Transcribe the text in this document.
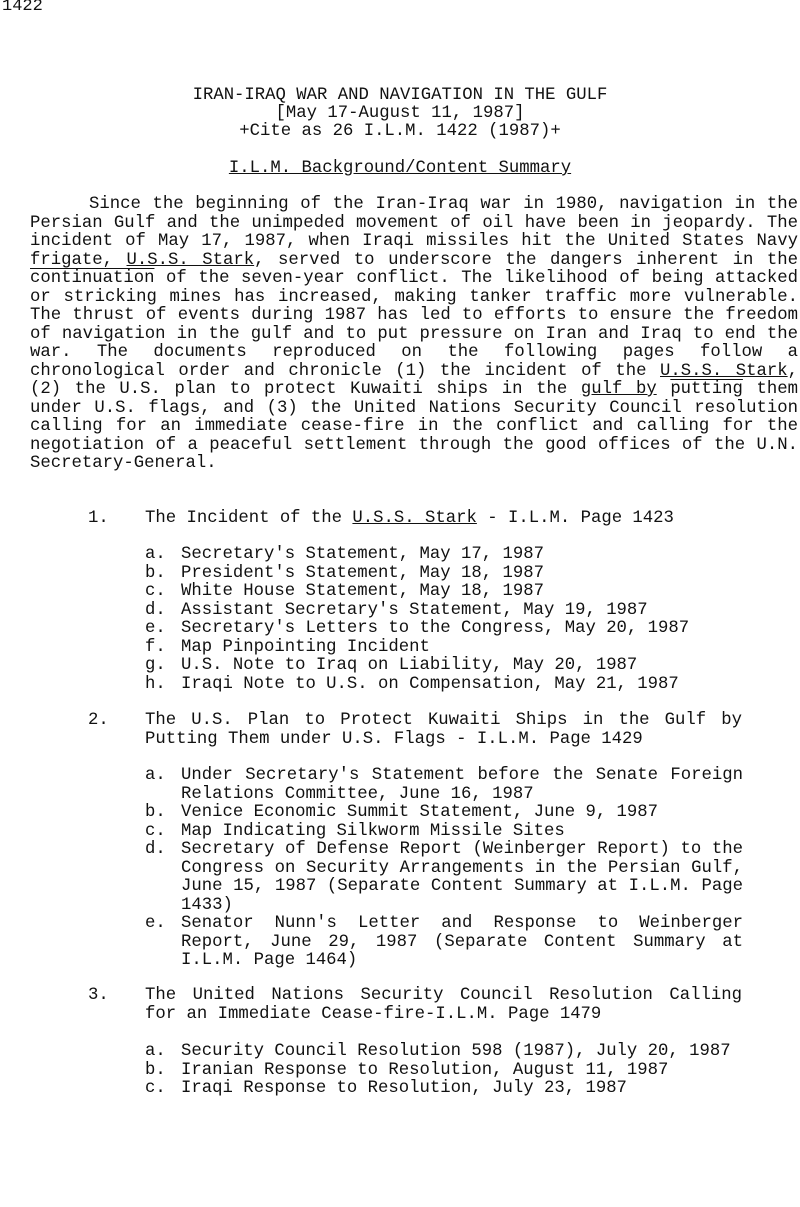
1422
IRAN-IRAQ WAR AND NAVIGATION IN THE GULF
[May 17-August 11, 1987]
+Cite as 26 I.L.M. 1422 (1987)+
I.L.M. Background/Content Summary
Since the beginning of the Iran-Iraq war in 1980, navigation in the Persian Gulf and the unimpeded movement of oil have been in jeopardy. The incident of May 17, 1987, when Iraqi missiles hit the United States Navy frigate, U.S.S. Stark, served to underscore the dangers inherent in the continuation of the seven-year conflict. The likelihood of being attacked or stricking mines has increased, making tanker traffic more vulnerable. The thrust of events during 1987 has led to efforts to ensure the freedom of navigation in the gulf and to put pressure on Iran and Iraq to end the war. The documents reproduced on the following pages follow a chronological order and chronicle (1) the incident of the U.S.S. Stark, (2) the U.S. plan to protect Kuwaiti ships in the gulf by putting them under U.S. flags, and (3) the United Nations Security Council resolution calling for an immediate cease-fire in the conflict and calling for the negotiation of a peaceful settlement through the good offices of the U.N. Secretary-General.
1. The Incident of the U.S.S. Stark - I.L.M. Page 1423
a. Secretary's Statement, May 17, 1987
b. President's Statement, May 18, 1987
c. White House Statement, May 18, 1987
d. Assistant Secretary's Statement, May 19, 1987
e. Secretary's Letters to the Congress, May 20, 1987
f. Map Pinpointing Incident
g. U.S. Note to Iraq on Liability, May 20, 1987
h. Iraqi Note to U.S. on Compensation, May 21, 1987
2. The U.S. Plan to Protect Kuwaiti Ships in the Gulf by Putting Them under U.S. Flags - I.L.M. Page 1429
a. Under Secretary's Statement before the Senate Foreign Relations Committee, June 16, 1987
b. Venice Economic Summit Statement, June 9, 1987
c. Map Indicating Silkworm Missile Sites
d. Secretary of Defense Report (Weinberger Report) to the Congress on Security Arrangements in the Persian Gulf, June 15, 1987 (Separate Content Summary at I.L.M. Page 1433)
e. Senator Nunn's Letter and Response to Weinberger Report, June 29, 1987 (Separate Content Summary at I.L.M. Page 1464)
3. The United Nations Security Council Resolution Calling for an Immediate Cease-fire-I.L.M. Page 1479
a. Security Council Resolution 598 (1987), July 20, 1987
b. Iranian Response to Resolution, August 11, 1987
c. Iraqi Response to Resolution, July 23, 1987
